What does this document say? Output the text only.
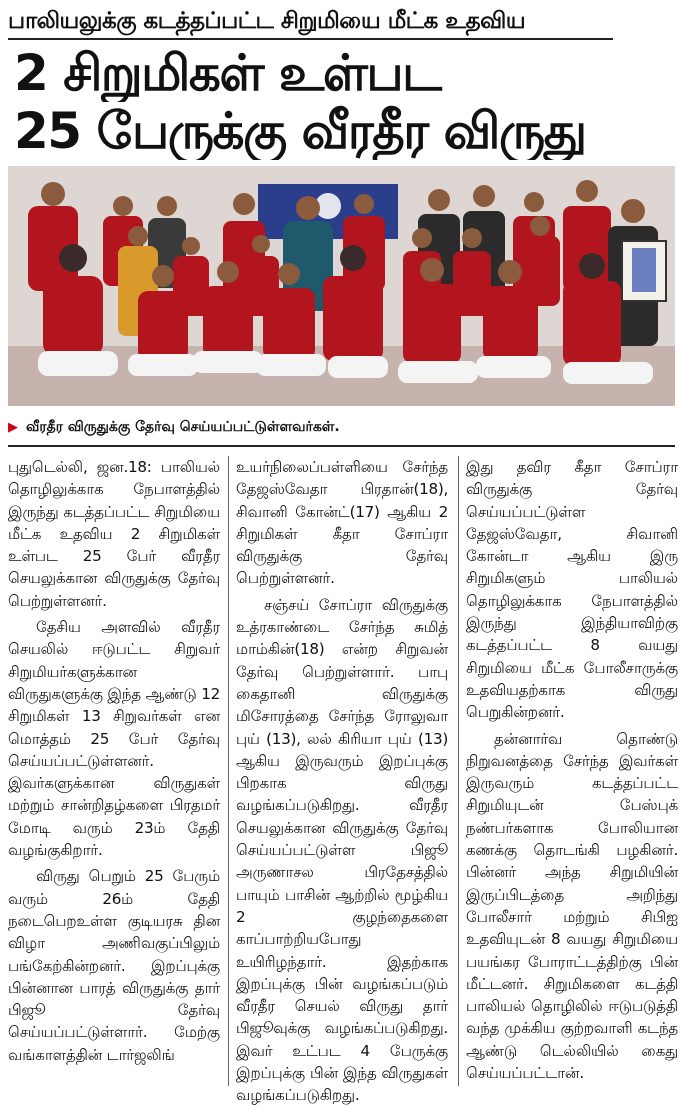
பாலியலுக்கு கடத்தப்பட்ட சிறுமியை மீட்க உதவிய
2 சிறுமிகள் உள்பட
25 பேருக்கு வீரதீர விருது
▶ வீரதீர விருதுக்கு தேர்வு செய்யப்பட்டுள்ளவர்கள்.

புதுடெல்லி, ஜன.18: பாலியல் தொழிலுக்காக நேபாளத்தில் இருந்து கடத்தப்பட்ட சிறுமியை மீட்க உதவிய 2 சிறுமிகள் உள்பட 25 பேர் வீரதீர செயலுக்கான விருதுக்கு தேர்வு பெற்றுள்ளனர்.

தேசிய அளவில் வீரதீர செயலில் ஈடுபட்ட சிறுவர் சிறுமியர்களுக்கான விருதுகளுக்கு இந்த ஆண்டு 12 சிறுமிகள் 13 சிறுவர்கள் என மொத்தம் 25 பேர் தேர்வு செய்யப்பட்டுள்ளனர். இவர்களுக்கான விருதுகள் மற்றும் சான்றிதழ்களை பிரதமர் மோடி வரும் 23ம் தேதி வழங்குகிறார்.

விருது பெறும் 25 பேரும் வரும் 26ம் தேதி நடைபெறஉள்ள குடியரசு தின விழா அணிவகுப்பிலும் பங்கேற்கின்றனர். இறப்புக்கு பின்னான பாரத் விருதுக்கு தார் பிஜூ தேர்வு செய்யப்பட்டுள்ளார். மேற்கு வங்காளத்தின் டார்ஜலிங்

உயர்நிலைப்பள்ளியை சேர்ந்த தேஜஸ்வேதா பிரதான்(18), சிவானி கோன்ட்(17) ஆகிய 2 சிறுமிகள் கீதா சோப்ரா விருதுக்கு தேர்வு பெற்றுள்ளனர்.

சஞ்சய் சோப்ரா விருதுக்கு உத்ரகாண்டை சேர்ந்த சுமித் மாம்கின்(18) என்ற சிறுவன் தேர்வு பெற்றுள்ளார். பாபு கைதானி விருதுக்கு மிசோரத்தை சேர்ந்த ரோலுவா புய் (13), லல் கிரியா புய் (13) ஆகிய இருவரும் இறப்புக்கு பிறகாக விருது வழங்கப்படுகிறது. வீரதீர செயலுக்கான விருதுக்கு தேர்வு செய்யப்பட்டுள்ள பிஜூ அருணாசல பிரதேசத்தில் பாயும் பாசின் ஆற்றில் மூழ்கிய 2 குழந்தைகளை காப்பாற்றியபோது உயிரிழந்தார். இதற்காக இறப்புக்கு பின் வழங்கப்படும் வீரதீர செயல் விருது தார் பிஜூவுக்கு வழங்கப்படுகிறது. இவர் உட்பட 4 பேருக்கு இறப்புக்கு பின் இந்த விருதுகள் வழங்கப்படுகிறது.

இது தவிர கீதா சோப்ரா விருதுக்கு தேர்வு செய்யப்பட்டுள்ள தேஜஸ்வேதா, சிவானி கோன்டா ஆகிய இரு சிறுமிகளும் பாலியல் தொழிலுக்காக நேபாளத்தில் இருந்து இந்தியாவிற்கு கடத்தப்பட்ட 8 வயது சிறுமியை மீட்க போலீசாருக்கு உதவியதற்காக விருது பெறுகின்றனர்.

தன்னார்வ தொண்டு நிறுவனத்தை சேர்ந்த இவர்கள் இருவரும் கடத்தப்பட்ட சிறுமியுடன் பேஸ்புக் நண்பர்களாக போலியான கணக்கு தொடங்கி பழகினர். பின்னர் அந்த சிறுமியின் இருப்பிடத்தை அறிந்து போலீசார் மற்றும் சிபிஐ உதவியுடன் 8 வயது சிறுமியை பயங்கர போராட்டத்திற்கு பின் மீட்டனர். சிறுமிகளை கடத்தி பாலியல் தொழிலில் ஈடுபடுத்தி வந்த முக்கிய குற்றவாளி கடந்த ஆண்டு டெல்லியில் கைது செய்யப்பட்டான்.
